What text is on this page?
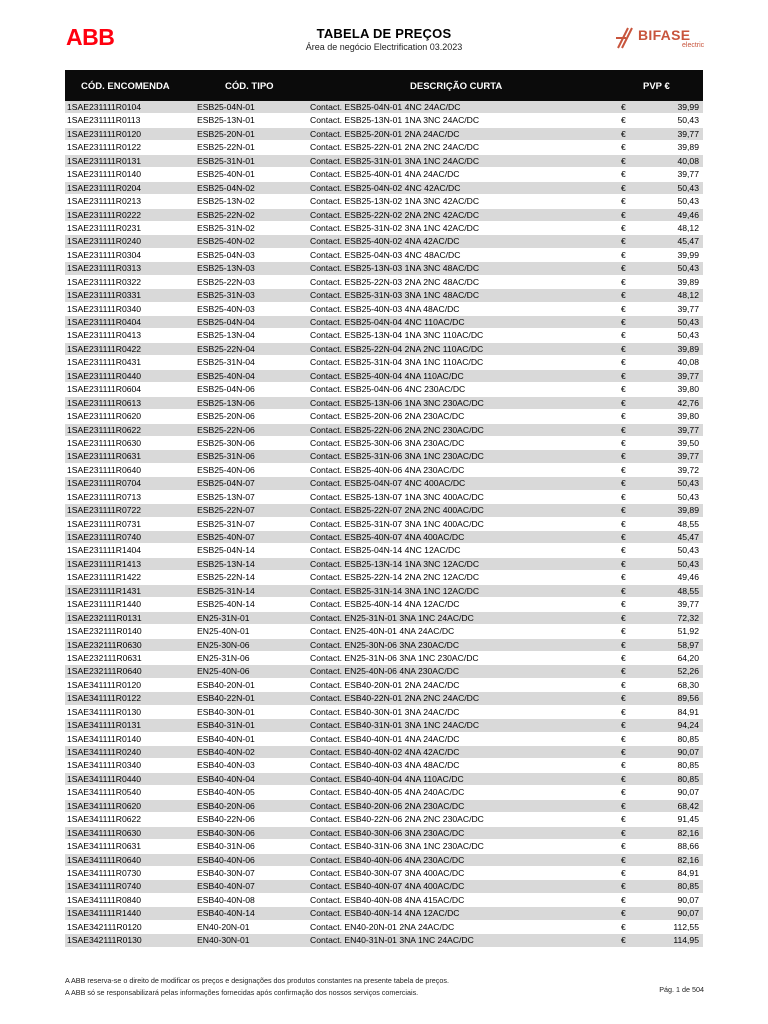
ABB	TABELA DE PREÇOS
Área de negócio Electrification 03.2023
BIFASE
electric
CÓD. ENCOMENDA	CÓD. TIPO	DESCRIÇÃO CURTA	PVP €
1SAE231111R0104	ESB25-04N-01	Contact. ESB25-04N-01 4NC 24AC/DC	€	39,99
1SAE231111R0113	ESB25-13N-01	Contact. ESB25-13N-01 1NA 3NC 24AC/DC	€	50,43
1SAE231111R0120	ESB25-20N-01	Contact. ESB25-20N-01 2NA 24AC/DC	€	39,77
1SAE231111R0122	ESB25-22N-01	Contact. ESB25-22N-01 2NA 2NC 24AC/DC	€	39,89
1SAE231111R0131	ESB25-31N-01	Contact. ESB25-31N-01 3NA 1NC 24AC/DC	€	40,08
1SAE231111R0140	ESB25-40N-01	Contact. ESB25-40N-01 4NA 24AC/DC	€	39,77
1SAE231111R0204	ESB25-04N-02	Contact. ESB25-04N-02 4NC 42AC/DC	€	50,43
1SAE231111R0213	ESB25-13N-02	Contact. ESB25-13N-02 1NA 3NC 42AC/DC	€	50,43
1SAE231111R0222	ESB25-22N-02	Contact. ESB25-22N-02 2NA 2NC 42AC/DC	€	49,46
1SAE231111R0231	ESB25-31N-02	Contact. ESB25-31N-02 3NA 1NC 42AC/DC	€	48,12
1SAE231111R0240	ESB25-40N-02	Contact. ESB25-40N-02 4NA 42AC/DC	€	45,47
1SAE231111R0304	ESB25-04N-03	Contact. ESB25-04N-03 4NC 48AC/DC	€	39,99
1SAE231111R0313	ESB25-13N-03	Contact. ESB25-13N-03 1NA 3NC 48AC/DC	€	50,43
1SAE231111R0322	ESB25-22N-03	Contact. ESB25-22N-03 2NA 2NC 48AC/DC	€	39,89
1SAE231111R0331	ESB25-31N-03	Contact. ESB25-31N-03 3NA 1NC 48AC/DC	€	48,12
1SAE231111R0340	ESB25-40N-03	Contact. ESB25-40N-03 4NA 48AC/DC	€	39,77
1SAE231111R0404	ESB25-04N-04	Contact. ESB25-04N-04 4NC 110AC/DC	€	50,43
1SAE231111R0413	ESB25-13N-04	Contact. ESB25-13N-04 1NA 3NC 110AC/DC	€	50,43
1SAE231111R0422	ESB25-22N-04	Contact. ESB25-22N-04 2NA 2NC 110AC/DC	€	39,89
1SAE231111R0431	ESB25-31N-04	Contact. ESB25-31N-04 3NA 1NC 110AC/DC	€	40,08
1SAE231111R0440	ESB25-40N-04	Contact. ESB25-40N-04 4NA 110AC/DC	€	39,77
1SAE231111R0604	ESB25-04N-06	Contact. ESB25-04N-06 4NC 230AC/DC	€	39,80
1SAE231111R0613	ESB25-13N-06	Contact. ESB25-13N-06 1NA 3NC 230AC/DC	€	42,76
1SAE231111R0620	ESB25-20N-06	Contact. ESB25-20N-06 2NA 230AC/DC	€	39,80
1SAE231111R0622	ESB25-22N-06	Contact. ESB25-22N-06 2NA 2NC 230AC/DC	€	39,77
1SAE231111R0630	ESB25-30N-06	Contact. ESB25-30N-06 3NA 230AC/DC	€	39,50
1SAE231111R0631	ESB25-31N-06	Contact. ESB25-31N-06 3NA 1NC 230AC/DC	€	39,77
1SAE231111R0640	ESB25-40N-06	Contact. ESB25-40N-06 4NA 230AC/DC	€	39,72
1SAE231111R0704	ESB25-04N-07	Contact. ESB25-04N-07 4NC 400AC/DC	€	50,43
1SAE231111R0713	ESB25-13N-07	Contact. ESB25-13N-07 1NA 3NC 400AC/DC	€	50,43
1SAE231111R0722	ESB25-22N-07	Contact. ESB25-22N-07 2NA 2NC 400AC/DC	€	39,89
1SAE231111R0731	ESB25-31N-07	Contact. ESB25-31N-07 3NA 1NC 400AC/DC	€	48,55
1SAE231111R0740	ESB25-40N-07	Contact. ESB25-40N-07 4NA 400AC/DC	€	45,47
1SAE231111R1404	ESB25-04N-14	Contact. ESB25-04N-14 4NC 12AC/DC	€	50,43
1SAE231111R1413	ESB25-13N-14	Contact. ESB25-13N-14 1NA 3NC 12AC/DC	€	50,43
1SAE231111R1422	ESB25-22N-14	Contact. ESB25-22N-14 2NA 2NC 12AC/DC	€	49,46
1SAE231111R1431	ESB25-31N-14	Contact. ESB25-31N-14 3NA 1NC 12AC/DC	€	48,55
1SAE231111R1440	ESB25-40N-14	Contact. ESB25-40N-14 4NA 12AC/DC	€	39,77
1SAE232111R0131	EN25-31N-01	Contact. EN25-31N-01 3NA 1NC 24AC/DC	€	72,32
1SAE232111R0140	EN25-40N-01	Contact. EN25-40N-01 4NA 24AC/DC	€	51,92
1SAE232111R0630	EN25-30N-06	Contact. EN25-30N-06 3NA 230AC/DC	€	58,97
1SAE232111R0631	EN25-31N-06	Contact. EN25-31N-06 3NA 1NC 230AC/DC	€	64,20
1SAE232111R0640	EN25-40N-06	Contact. EN25-40N-06 4NA 230AC/DC	€	52,26
1SAE341111R0120	ESB40-20N-01	Contact. ESB40-20N-01 2NA 24AC/DC	€	68,30
1SAE341111R0122	ESB40-22N-01	Contact. ESB40-22N-01 2NA 2NC 24AC/DC	€	89,56
1SAE341111R0130	ESB40-30N-01	Contact. ESB40-30N-01 3NA 24AC/DC	€	84,91
1SAE341111R0131	ESB40-31N-01	Contact. ESB40-31N-01 3NA 1NC 24AC/DC	€	94,24
1SAE341111R0140	ESB40-40N-01	Contact. ESB40-40N-01 4NA 24AC/DC	€	80,85
1SAE341111R0240	ESB40-40N-02	Contact. ESB40-40N-02 4NA 42AC/DC	€	90,07
1SAE341111R0340	ESB40-40N-03	Contact. ESB40-40N-03 4NA 48AC/DC	€	80,85
1SAE341111R0440	ESB40-40N-04	Contact. ESB40-40N-04 4NA 110AC/DC	€	80,85
1SAE341111R0540	ESB40-40N-05	Contact. ESB40-40N-05 4NA 240AC/DC	€	90,07
1SAE341111R0620	ESB40-20N-06	Contact. ESB40-20N-06 2NA 230AC/DC	€	68,42
1SAE341111R0622	ESB40-22N-06	Contact. ESB40-22N-06 2NA 2NC 230AC/DC	€	91,45
1SAE341111R0630	ESB40-30N-06	Contact. ESB40-30N-06 3NA 230AC/DC	€	82,16
1SAE341111R0631	ESB40-31N-06	Contact. ESB40-31N-06 3NA 1NC 230AC/DC	€	88,66
1SAE341111R0640	ESB40-40N-06	Contact. ESB40-40N-06 4NA 230AC/DC	€	82,16
1SAE341111R0730	ESB40-30N-07	Contact. ESB40-30N-07 3NA 400AC/DC	€	84,91
1SAE341111R0740	ESB40-40N-07	Contact. ESB40-40N-07 4NA 400AC/DC	€	80,85
1SAE341111R0840	ESB40-40N-08	Contact. ESB40-40N-08 4NA 415AC/DC	€	90,07
1SAE341111R1440	ESB40-40N-14	Contact. ESB40-40N-14 4NA 12AC/DC	€	90,07
1SAE342111R0120	EN40-20N-01	Contact. EN40-20N-01 2NA 24AC/DC	€	112,55
1SAE342111R0130	EN40-30N-01	Contact. EN40-31N-01 3NA 1NC 24AC/DC	€	114,95
A ABB reserva-se o direito de modificar os preços e designações dos produtos constantes na presente tabela de preços.
A ABB só se responsabilizará pelas informações fornecidas após confirmação dos nossos serviços comerciais.	Pág. 1 de 504
